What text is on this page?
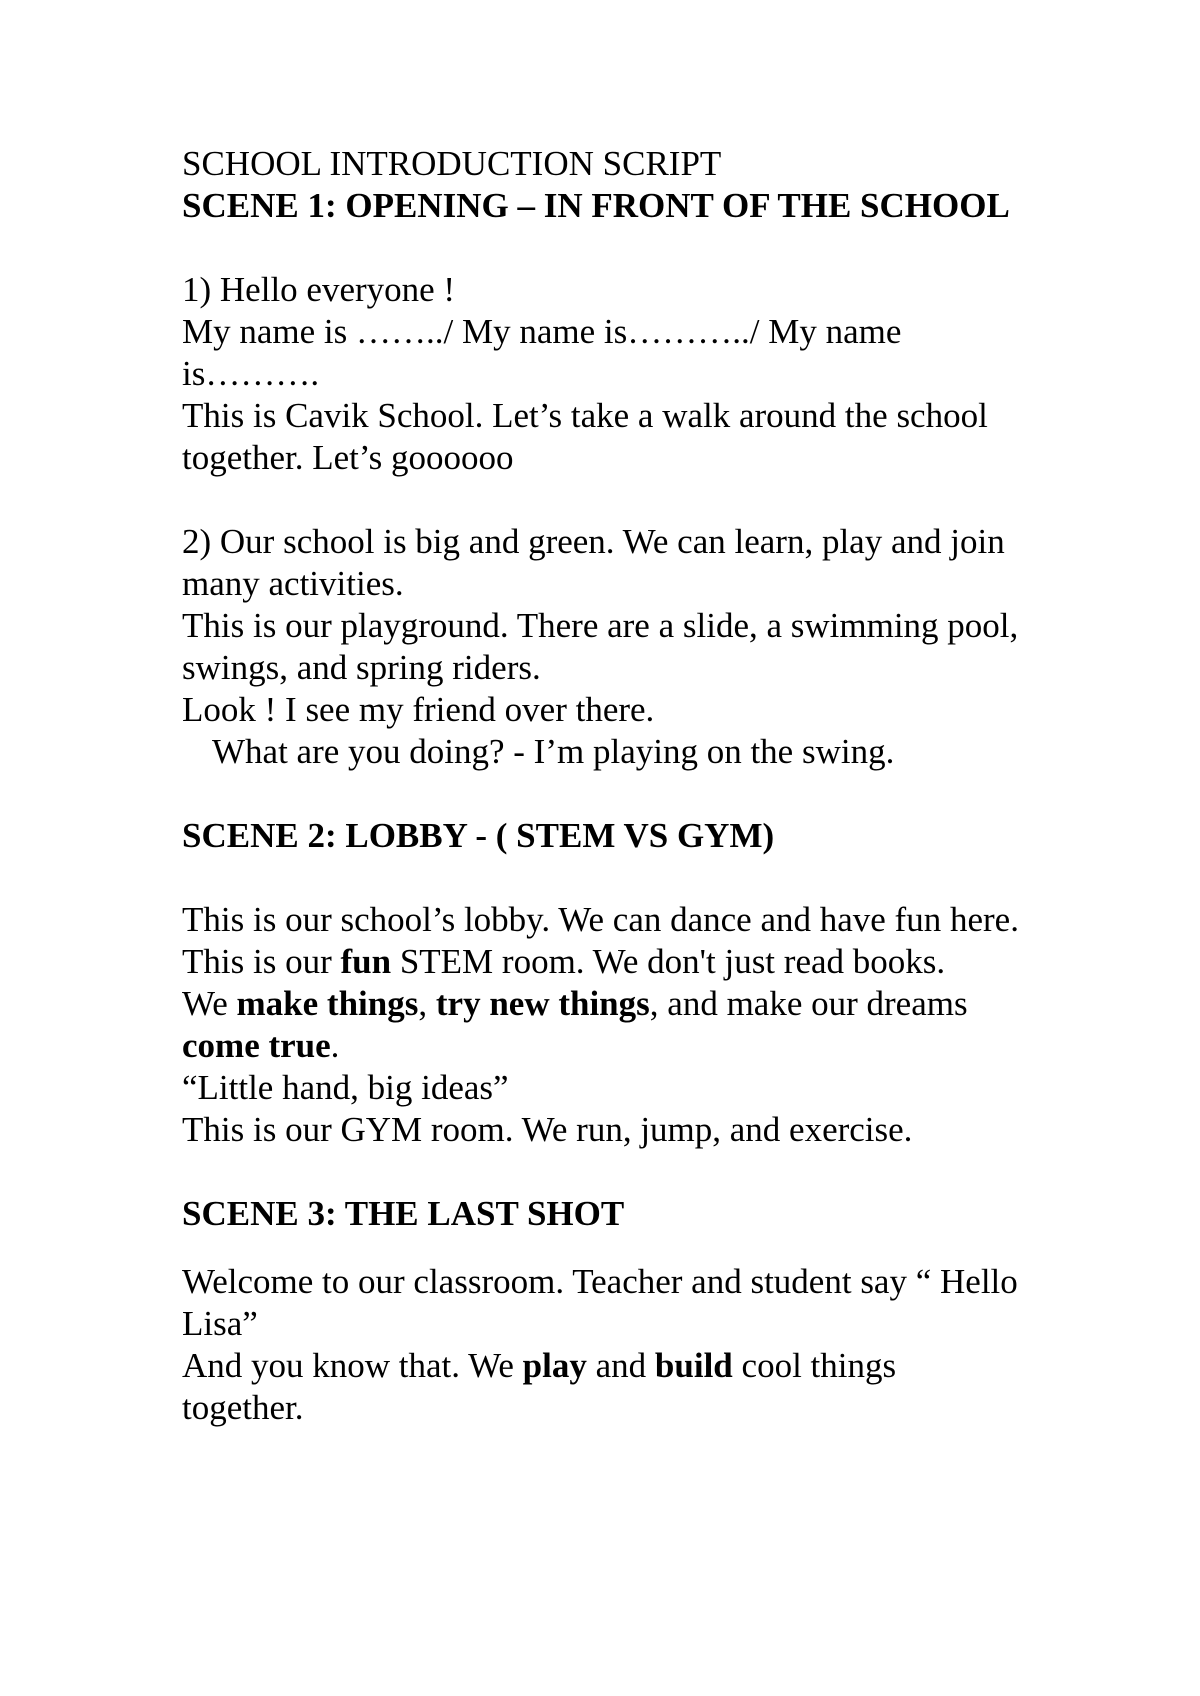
SCHOOL INTRODUCTION SCRIPT

SCENE 1: OPENING – IN FRONT OF THE SCHOOL

1) Hello everyone !

My name is ……../ My name is………../ My name is……….

This is Cavik School. Let’s take a walk around the school together. Let’s goooooo

2) Our school is big and green. We can learn, play and join many activities.

This is our playground. There are a slide, a swimming pool, swings, and spring riders.

Look ! I see my friend over there.

What are you doing? - I’m playing on the swing.

SCENE 2: LOBBY - ( STEM VS GYM)

This is our school’s lobby. We can dance and have fun here.

This is our fun STEM room. We don't just read books.

We make things, try new things, and make our dreams come true.

“Little hand, big ideas”

This is our GYM room. We run, jump, and exercise.

SCENE 3: THE LAST SHOT

Welcome to our classroom. Teacher and student say “ Hello Lisa”

And you know that. We play and build cool things together.
